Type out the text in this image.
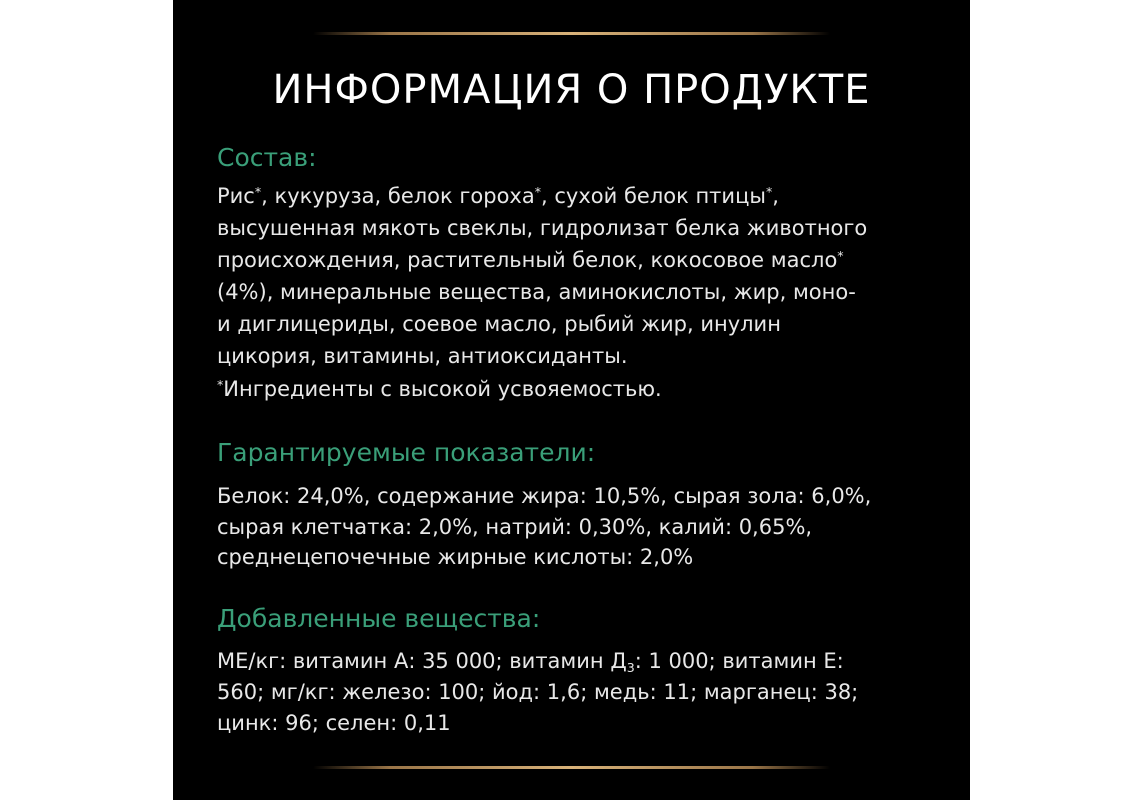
ИНФОРМАЦИЯ О ПРОДУКТЕ
Состав:
Рис*, кукуруза, белок гороха*, сухой белок птицы*,
высушенная мякоть свеклы, гидролизат белка животного
происхождения, растительный белок, кокосовое масло*
(4%), минеральные вещества, аминокислоты, жир, моно-
и диглицериды, соевое масло, рыбий жир, инулин
цикория, витамины, антиоксиданты.
*Ингредиенты с высокой усвояемостью.
Гарантируемые показатели:
Белок: 24,0%, содержание жира: 10,5%, сырая зола: 6,0%,
сырая клетчатка: 2,0%, натрий: 0,30%, калий: 0,65%,
среднецепочечные жирные кислоты: 2,0%
Добавленные вещества:
МЕ/кг: витамин А: 35 000; витамин $Д_3$: 1 000; витамин Е:
560; мг/кг: железо: 100; йод: 1,6; медь: 11; марганец: 38;
цинк: 96; селен: 0,11
